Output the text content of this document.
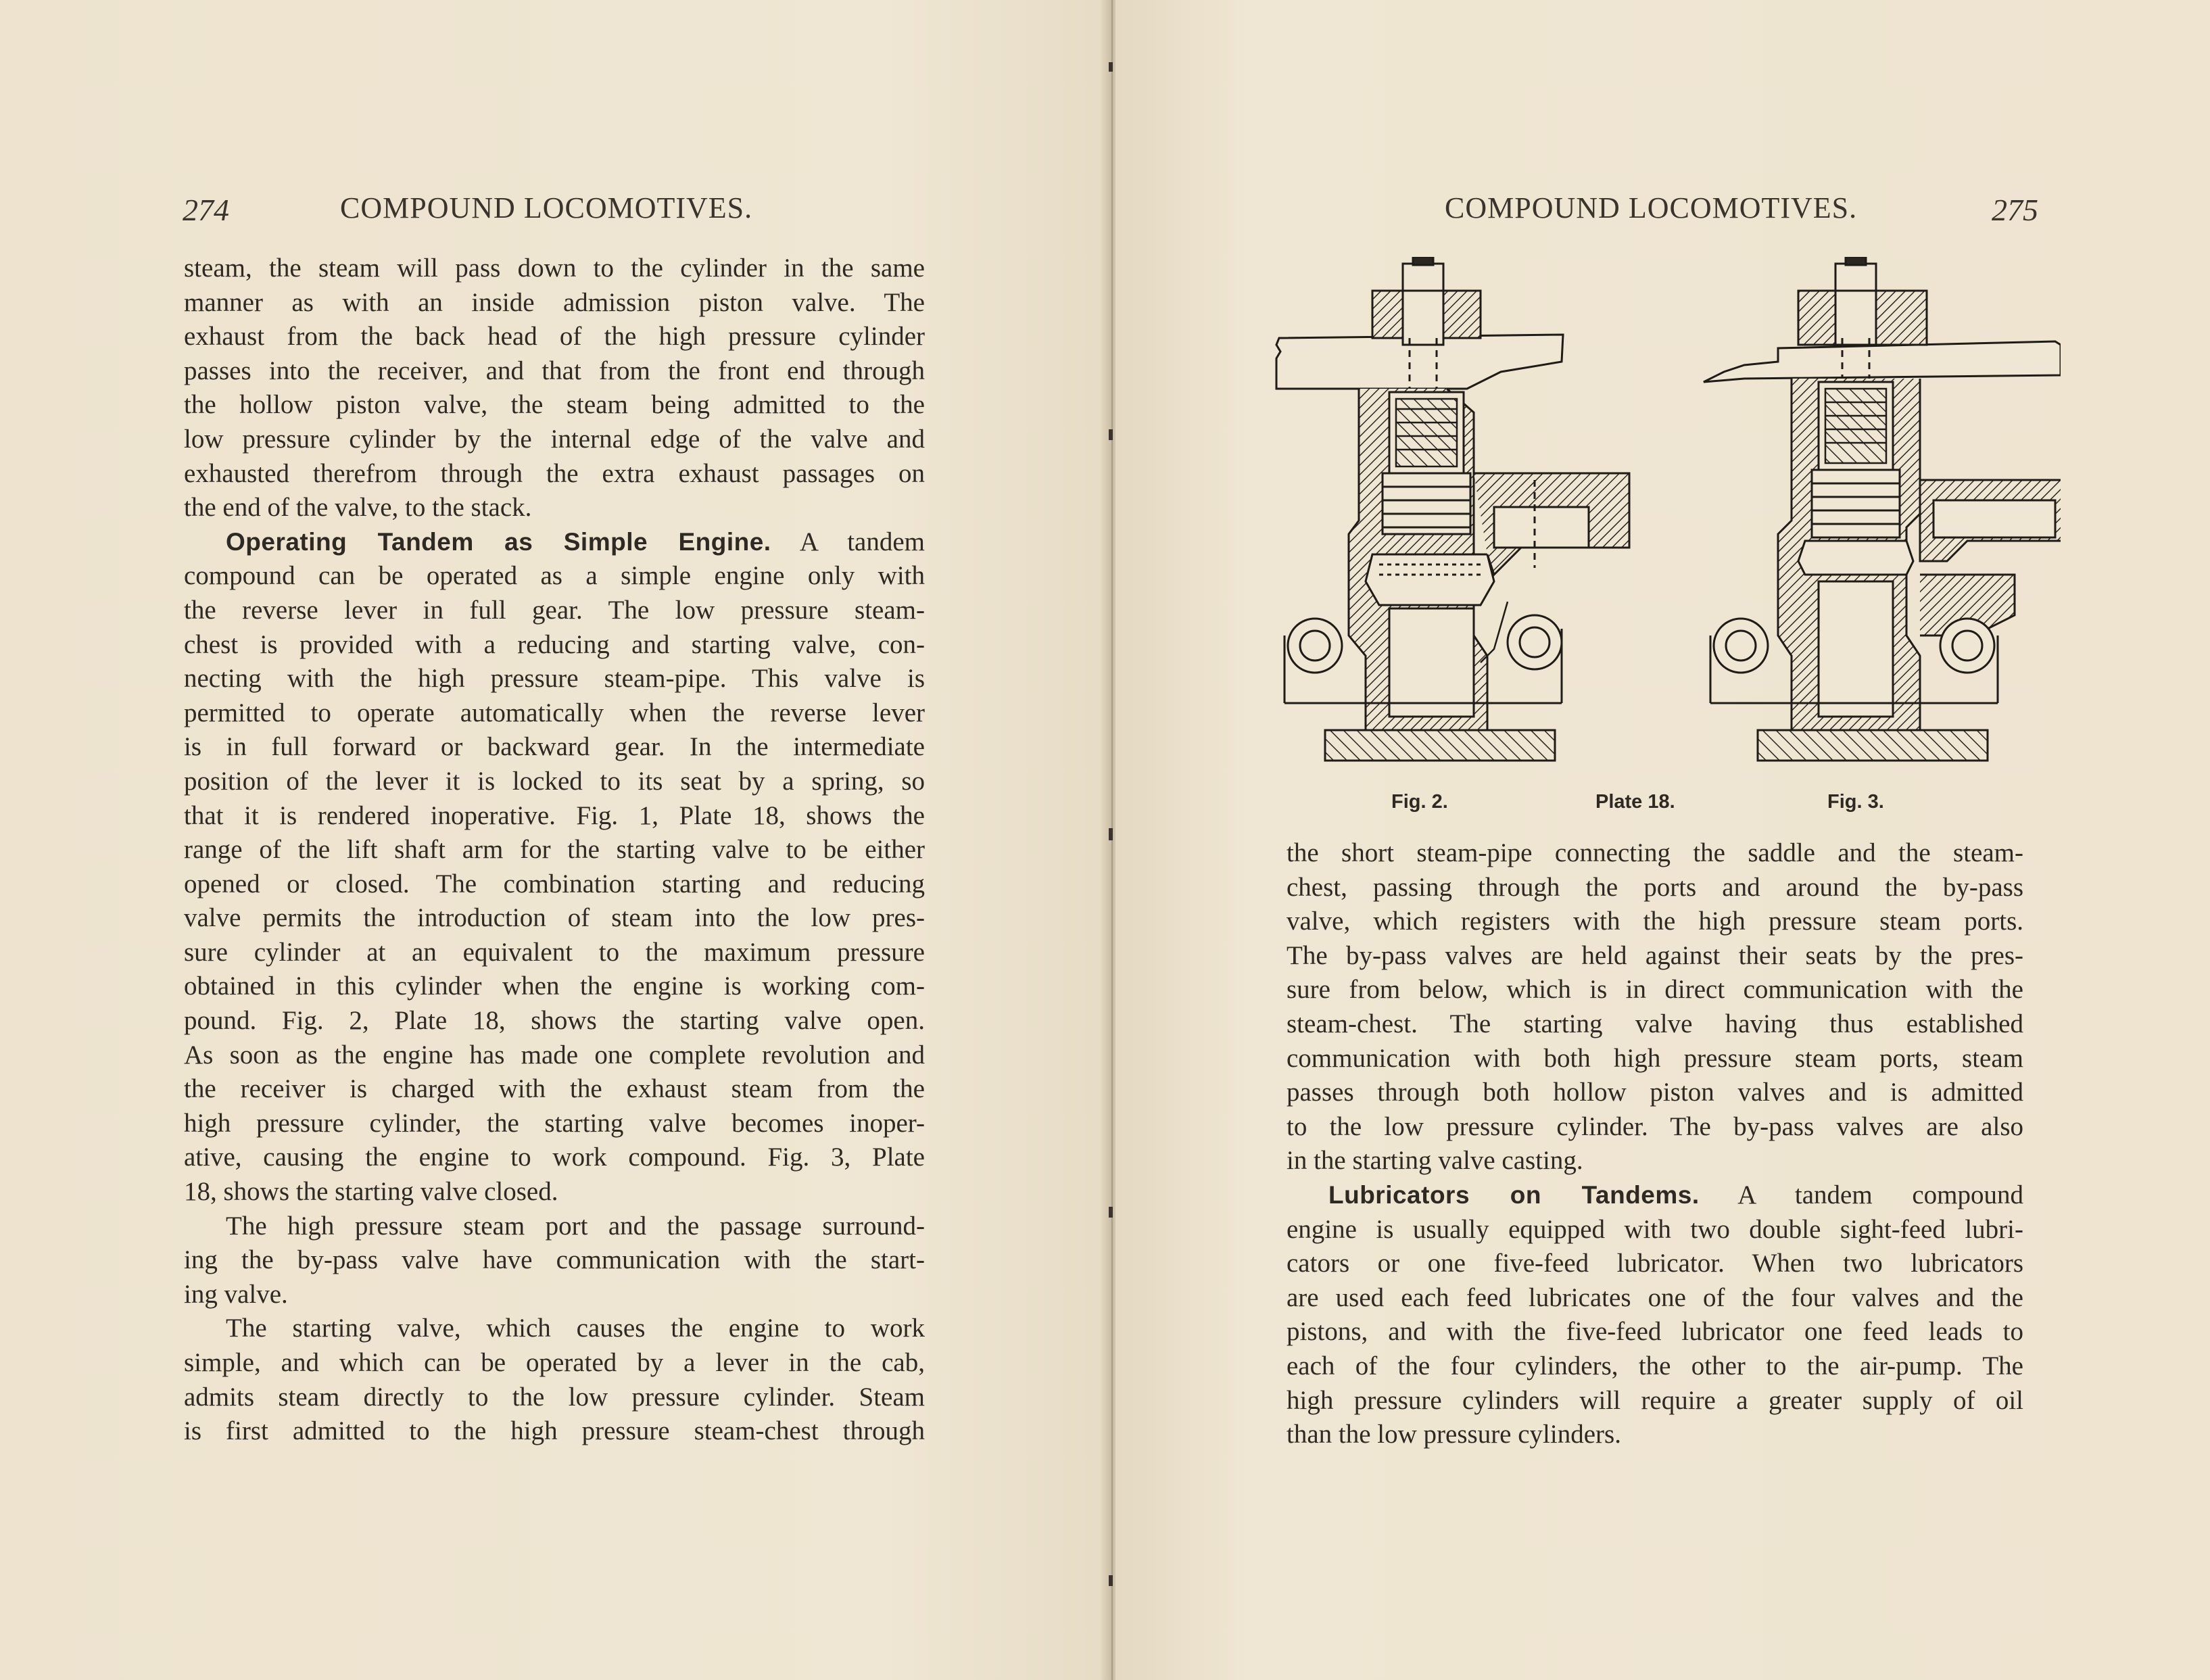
274	COMPOUND LOCOMOTIVES.
steam, the steam will pass down to the cylinder in the same
manner as with an inside admission piston valve. The
exhaust from the back head of the high pressure cylinder
passes into the receiver, and that from the front end through
the hollow piston valve, the steam being admitted to the
low pressure cylinder by the internal edge of the valve and
exhausted therefrom through the extra exhaust passages on
the end of the valve, to the stack.
Operating Tandem as Simple Engine. A tandem
compound can be operated as a simple engine only with
the reverse lever in full gear. The low pressure steam-
chest is provided with a reducing and starting valve, con-
necting with the high pressure steam-pipe. This valve is
permitted to operate automatically when the reverse lever
is in full forward or backward gear. In the intermediate
position of the lever it is locked to its seat by a spring, so
that it is rendered inoperative. Fig. 1, Plate 18, shows the
range of the lift shaft arm for the starting valve to be either
opened or closed. The combination starting and reducing
valve permits the introduction of steam into the low pres-
sure cylinder at an equivalent to the maximum pressure
obtained in this cylinder when the engine is working com-
pound. Fig. 2, Plate 18, shows the starting valve open.
As soon as the engine has made one complete revolution and
the receiver is charged with the exhaust steam from the
high pressure cylinder, the starting valve becomes inoper-
ative, causing the engine to work compound. Fig. 3, Plate
18, shows the starting valve closed.
The high pressure steam port and the passage surround-
ing the by-pass valve have communication with the start-
ing valve.
The starting valve, which causes the engine to work
simple, and which can be operated by a lever in the cab,
admits steam directly to the low pressure cylinder. Steam
is first admitted to the high pressure steam-chest through
COMPOUND LOCOMOTIVES.	275
Fig. 2.	Plate 18.	Fig. 3.
the short steam-pipe connecting the saddle and the steam-
chest, passing through the ports and around the by-pass
valve, which registers with the high pressure steam ports.
The by-pass valves are held against their seats by the pres-
sure from below, which is in direct communication with the
steam-chest. The starting valve having thus established
communication with both high pressure steam ports, steam
passes through both hollow piston valves and is admitted
to the low pressure cylinder. The by-pass valves are also
in the starting valve casting.
Lubricators on Tandems. A tandem compound
engine is usually equipped with two double sight-feed lubri-
cators or one five-feed lubricator. When two lubricators
are used each feed lubricates one of the four valves and the
pistons, and with the five-feed lubricator one feed leads to
each of the four cylinders, the other to the air-pump. The
high pressure cylinders will require a greater supply of oil
than the low pressure cylinders.
